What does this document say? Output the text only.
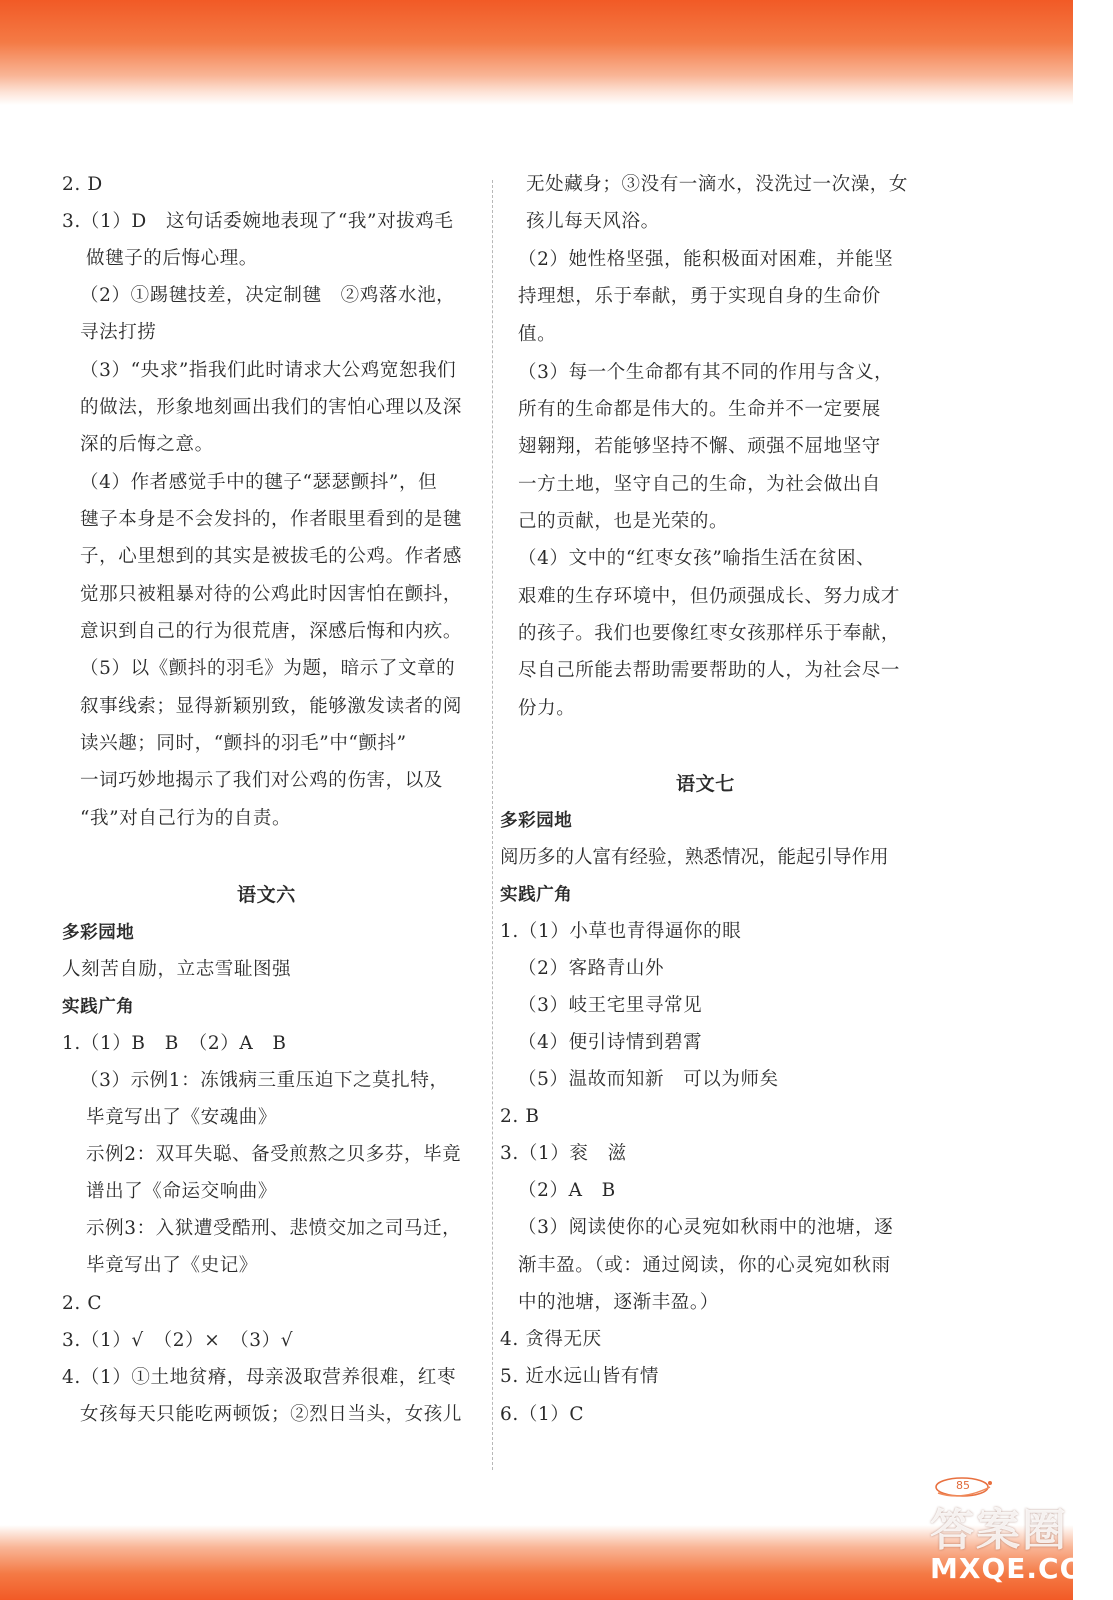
2. D
3.（1）D　这句话委婉地表现了“我”对拔鸡毛
做毽子的后悔心理。
（2）①踢毽技差，决定制毽　②鸡落水池，
寻法打捞
（3）“央求”指我们此时请求大公鸡宽恕我们
的做法，形象地刻画出我们的害怕心理以及深
深的后悔之意。
（4）作者感觉手中的毽子“瑟瑟颤抖”，但
毽子本身是不会发抖的，作者眼里看到的是毽
子，心里想到的其实是被拔毛的公鸡。作者感
觉那只被粗暴对待的公鸡此时因害怕在颤抖，
意识到自己的行为很荒唐，深感后悔和内疚。
（5）以《颤抖的羽毛》为题，暗示了文章的
叙事线索；显得新颖别致，能够激发读者的阅
读兴趣；同时，“颤抖的羽毛”中“颤抖”
一词巧妙地揭示了我们对公鸡的伤害，以及
“我”对自己行为的自责。
语文六
多彩园地
人刻苦自励，立志雪耻图强
实践广角
1.（1）B　B　（2）A　B
（3）示例1：冻饿病三重压迫下之莫扎特，
毕竟写出了《安魂曲》
示例2：双耳失聪、备受煎熬之贝多芬，毕竟
谱出了《命运交响曲》
示例3：入狱遭受酷刑、悲愤交加之司马迁，
毕竟写出了《史记》
2. C
3.（1）√　（2）×　（3）√
4.（1）①土地贫瘠，母亲汲取营养很难，红枣
女孩每天只能吃两顿饭；②烈日当头，女孩儿
无处藏身；③没有一滴水，没洗过一次澡，女
孩儿每天风浴。
（2）她性格坚强，能积极面对困难，并能坚
持理想，乐于奉献，勇于实现自身的生命价
值。
（3）每一个生命都有其不同的作用与含义，
所有的生命都是伟大的。生命并不一定要展
翅翱翔，若能够坚持不懈、顽强不屈地坚守
一方土地，坚守自己的生命，为社会做出自
己的贡献，也是光荣的。
（4）文中的“红枣女孩”喻指生活在贫困、
艰难的生存环境中，但仍顽强成长、努力成才
的孩子。我们也要像红枣女孩那样乐于奉献，
尽自己所能去帮助需要帮助的人，为社会尽一
份力。
语文七
多彩园地
阅历多的人富有经验，熟悉情况，能起引导作用
实践广角
1.（1）小草也青得逼你的眼
（2）客路青山外
（3）岐王宅里寻常见
（4）便引诗情到碧霄
（5）温故而知新　可以为师矣
2. B
3.（1）衮　滋
（2）A　B
（3）阅读使你的心灵宛如秋雨中的池塘，逐
渐丰盈。（或：通过阅读，你的心灵宛如秋雨
中的池塘，逐渐丰盈。）
4. 贪得无厌
5. 近水远山皆有情
6.（1）C
85
答案圈
MXQE.COM
